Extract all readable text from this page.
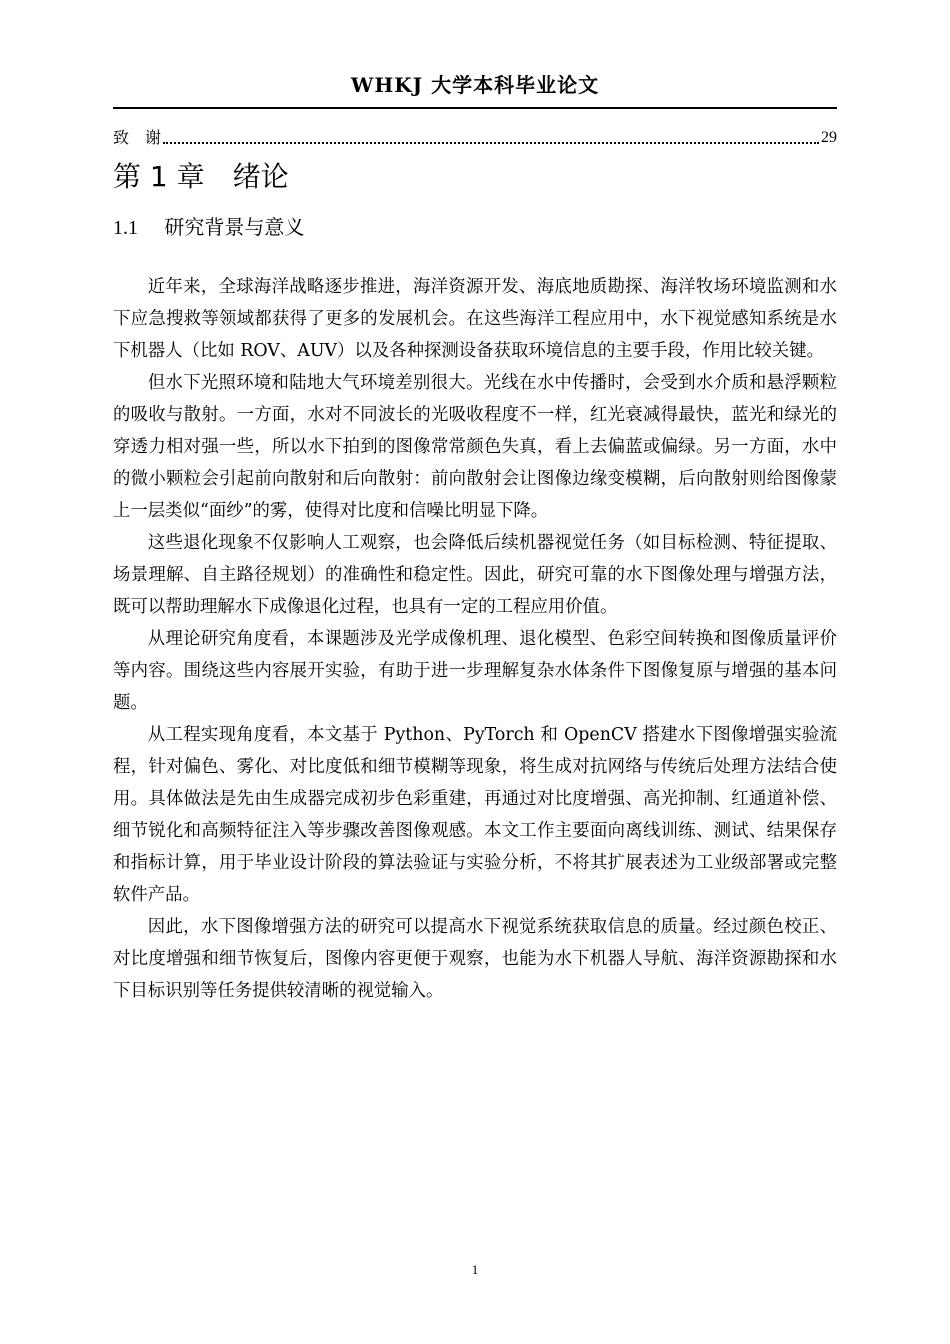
WHKJ 大学本科毕业论文
致　谢	29
第 1 章　绪论
1.1　 研究背景与意义

近年来，全球海洋战略逐步推进，海洋资源开发、海底地质勘探、海洋牧场环境监测和水下应急搜救等领域都获得了更多的发展机会。在这些海洋工程应用中，水下视觉感知系统是水下机器人（比如 ROV、AUV）以及各种探测设备获取环境信息的主要手段，作用比较关键。

但水下光照环境和陆地大气环境差别很大。光线在水中传播时，会受到水介质和悬浮颗粒的吸收与散射。一方面，水对不同波长的光吸收程度不一样，红光衰减得最快，蓝光和绿光的穿透力相对强一些，所以水下拍到的图像常常颜色失真，看上去偏蓝或偏绿。另一方面，水中的微小颗粒会引起前向散射和后向散射：前向散射会让图像边缘变模糊，后向散射则给图像蒙上一层类似“面纱”的雾，使得对比度和信噪比明显下降。

这些退化现象不仅影响人工观察，也会降低后续机器视觉任务（如目标检测、特征提取、场景理解、自主路径规划）的准确性和稳定性。因此，研究可靠的水下图像处理与增强方法，既可以帮助理解水下成像退化过程，也具有一定的工程应用价值。

从理论研究角度看，本课题涉及光学成像机理、退化模型、色彩空间转换和图像质量评价等内容。围绕这些内容展开实验，有助于进一步理解复杂水体条件下图像复原与增强的基本问题。

从工程实现角度看，本文基于 Python、PyTorch 和 OpenCV 搭建水下图像增强实验流程，针对偏色、雾化、对比度低和细节模糊等现象，将生成对抗网络与传统后处理方法结合使用。具体做法是先由生成器完成初步色彩重建，再通过对比度增强、高光抑制、红通道补偿、细节锐化和高频特征注入等步骤改善图像观感。本文工作主要面向离线训练、测试、结果保存和指标计算，用于毕业设计阶段的算法验证与实验分析，不将其扩展表述为工业级部署或完整软件产品。

因此，水下图像增强方法的研究可以提高水下视觉系统获取信息的质量。经过颜色校正、对比度增强和细节恢复后，图像内容更便于观察，也能为水下机器人导航、海洋资源勘探和水下目标识别等任务提供较清晰的视觉输入。

1
